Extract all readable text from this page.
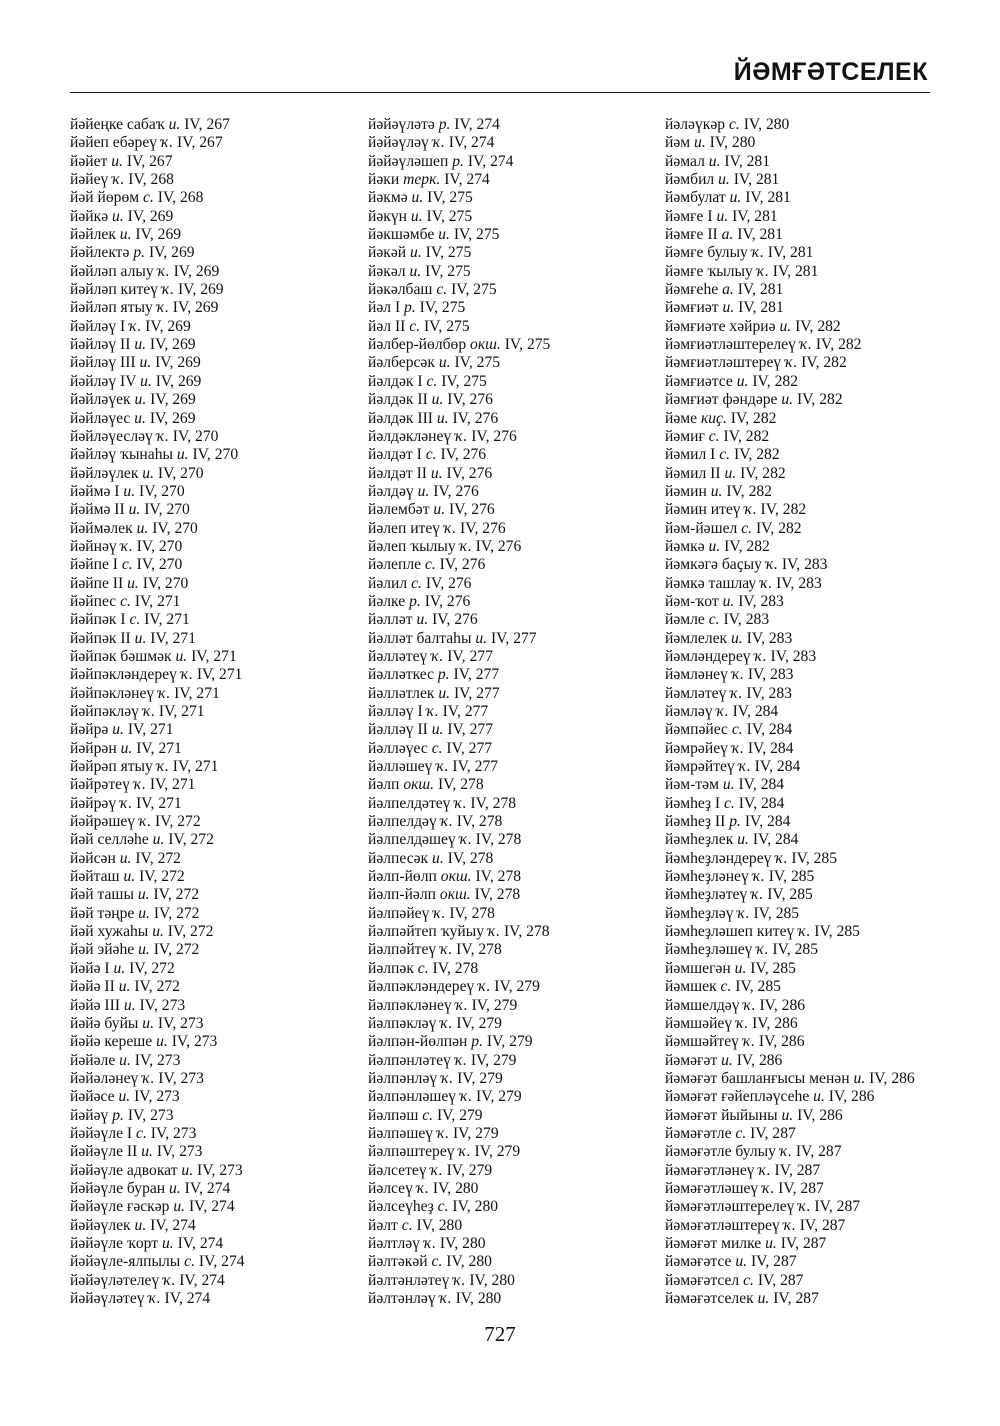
ЙӘМҒӘТСЕЛЕК
йәйеңке сабаҡ и. IV, 267
йәйеп ебәреү ҡ. IV, 267
йәйет и. IV, 267
йәйеү ҡ. IV, 268
йәй йөрөм с. IV, 268
йәйкә и. IV, 269
йәйлек и. IV, 269
йәйлектә р. IV, 269
йәйләп алыу ҡ. IV, 269
йәйләп китеү ҡ. IV, 269
йәйләп ятыу ҡ. IV, 269
йәйләү I ҡ. IV, 269
йәйләү II и. IV, 269
йәйләү III и. IV, 269
йәйләү IV и. IV, 269
йәйләүек и. IV, 269
йәйләүес и. IV, 269
йәйләүесләү ҡ. IV, 270
йәйләү ҡынаһы и. IV, 270
йәйләүлек и. IV, 270
йәймә I и. IV, 270
йәймә II и. IV, 270
йәймәлек и. IV, 270
йәйнәү ҡ. IV, 270
йәйпе I с. IV, 270
йәйпе II и. IV, 270
йәйпес с. IV, 271
йәйпәк I с. IV, 271
йәйпәк II и. IV, 271
йәйпәк бәшмәк и. IV, 271
йәйпәкләндереү ҡ. IV, 271
йәйпәкләнеү ҡ. IV, 271
йәйпәкләү ҡ. IV, 271
йәйрә и. IV, 271
йәйрән и. IV, 271
йәйрәп ятыу ҡ. IV, 271
йәйрәтеү ҡ. IV, 271
йәйрәү ҡ. IV, 271
йәйрәшеү ҡ. IV, 272
йәй селләһе и. IV, 272
йәйсән и. IV, 272
йәйташ и. IV, 272
йәй ташы и. IV, 272
йәй тәңре и. IV, 272
йәй хужаһы и. IV, 272
йәй эйәһе и. IV, 272
йәйә I и. IV, 272
йәйә II и. IV, 272
йәйә III и. IV, 273
йәйә буйы и. IV, 273
йәйә кереше и. IV, 273
йәйәле и. IV, 273
йәйәләнеү ҡ. IV, 273
йәйәсе и. IV, 273
йәйәү р. IV, 273
йәйәүле I с. IV, 273
йәйәүле II и. IV, 273
йәйәүле адвокат и. IV, 273
йәйәүле буран и. IV, 274
йәйәүле ғәскәр и. IV, 274
йәйәүлек и. IV, 274
йәйәүле ҡорт и. IV, 274
йәйәүле-ялпылы с. IV, 274
йәйәүләтелеү ҡ. IV, 274
йәйәүләтеү ҡ. IV, 274
йәйәүләтә р. IV, 274
йәйәүләү ҡ. IV, 274
йәйәүләшеп р. IV, 274
йәки терк. IV, 274
йәкмә и. IV, 275
йәкүн и. IV, 275
йәкшәмбе и. IV, 275
йәкәй и. IV, 275
йәкәл и. IV, 275
йәкәлбаш с. IV, 275
йәл I р. IV, 275
йәл II с. IV, 275
йәлбер-йөлбөр окш. IV, 275
йәлберсәк и. IV, 275
йәлдәк I с. IV, 275
йәлдәк II и. IV, 276
йәлдәк III и. IV, 276
йәлдәкләнеү ҡ. IV, 276
йәлдәт I с. IV, 276
йәлдәт II и. IV, 276
йәлдәү и. IV, 276
йәлембәт и. IV, 276
йәлеп итеү ҡ. IV, 276
йәлеп ҡылыу ҡ. IV, 276
йәлепле с. IV, 276
йәлил с. IV, 276
йәлке р. IV, 276
йәлләт и. IV, 276
йәлләт балтаһы и. IV, 277
йәлләтеү ҡ. IV, 277
йәлләткес р. IV, 277
йәлләтлек и. IV, 277
йәлләү I ҡ. IV, 277
йәлләү II и. IV, 277
йәлләүес с. IV, 277
йәлләшеү ҡ. IV, 277
йәлп окш. IV, 278
йәлпелдәтеү ҡ. IV, 278
йәлпелдәү ҡ. IV, 278
йәлпелдәшеү ҡ. IV, 278
йәлпесәк и. IV, 278
йәлп-йөлп окш. IV, 278
йәлп-йәлп окш. IV, 278
йәлпәйеү ҡ. IV, 278
йәлпәйтеп ҡуйыу ҡ. IV, 278
йәлпәйтеү ҡ. IV, 278
йәлпәк с. IV, 278
йәлпәкләндереү ҡ. IV, 279
йәлпәкләнеү ҡ. IV, 279
йәлпәкләү ҡ. IV, 279
йәлпән-йөлпән р. IV, 279
йәлпәнләтеү ҡ. IV, 279
йәлпәнләү ҡ. IV, 279
йәлпәнләшеү ҡ. IV, 279
йәлпәш с. IV, 279
йәлпәшеү ҡ. IV, 279
йәлпәштереү ҡ. IV, 279
йәлсетеү ҡ. IV, 279
йәлсеү ҡ. IV, 280
йәлсеүһеҙ с. IV, 280
йәлт с. IV, 280
йәлтләү ҡ. IV, 280
йәлтәкәй с. IV, 280
йәлтәнләтеү ҡ. IV, 280
йәлтәнләү ҡ. IV, 280
йәләүкәр с. IV, 280
йәм и. IV, 280
йәмал и. IV, 281
йәмбил и. IV, 281
йәмбулат и. IV, 281
йәмғе I и. IV, 281
йәмғе II а. IV, 281
йәмғе булыу ҡ. IV, 281
йәмғе ҡылыу ҡ. IV, 281
йәмғеһе а. IV, 281
йәмғиәт и. IV, 281
йәмғиәте хәйриә и. IV, 282
йәмғиәтләштерелеү ҡ. IV, 282
йәмғиәтләштереү ҡ. IV, 282
йәмғиәтсе и. IV, 282
йәмғиәт фәндәре и. IV, 282
йәме киҫ. IV, 282
йәмиғ с. IV, 282
йәмил I с. IV, 282
йәмил II и. IV, 282
йәмин и. IV, 282
йәмин итеү ҡ. IV, 282
йәм-йәшел с. IV, 282
йәмкә и. IV, 282
йәмкәгә баҫыу ҡ. IV, 283
йәмкә ташлау ҡ. IV, 283
йәм-ҡот и. IV, 283
йәмле с. IV, 283
йәмлелек и. IV, 283
йәмләндереү ҡ. IV, 283
йәмләнеү ҡ. IV, 283
йәмләтеү ҡ. IV, 283
йәмләү ҡ. IV, 284
йәмпәйес с. IV, 284
йәмрәйеү ҡ. IV, 284
йәмрәйтеү ҡ. IV, 284
йәм-тәм и. IV, 284
йәмһеҙ I с. IV, 284
йәмһеҙ II р. IV, 284
йәмһеҙлек и. IV, 284
йәмһеҙләндереү ҡ. IV, 285
йәмһеҙләнеү ҡ. IV, 285
йәмһеҙләтеү ҡ. IV, 285
йәмһеҙләү ҡ. IV, 285
йәмһеҙләшеп китеү ҡ. IV, 285
йәмһеҙләшеү ҡ. IV, 285
йәмшегән и. IV, 285
йәмшек с. IV, 285
йәмшелдәү ҡ. IV, 286
йәмшәйеү ҡ. IV, 286
йәмшәйтеү ҡ. IV, 286
йәмәғәт и. IV, 286
йәмәғәт башланғысы менән и. IV, 286
йәмәғәт ғәйепләүсеһе и. IV, 286
йәмәғәт йыйыны и. IV, 286
йәмәғәтле с. IV, 287
йәмәғәтле булыу ҡ. IV, 287
йәмәғәтләнеү ҡ. IV, 287
йәмәғәтләшеү ҡ. IV, 287
йәмәғәтләштерелеү ҡ. IV, 287
йәмәғәтләштереү ҡ. IV, 287
йәмәғәт милке и. IV, 287
йәмәғәтсе и. IV, 287
йәмәғәтсел с. IV, 287
йәмәғәтселек и. IV, 287
727
